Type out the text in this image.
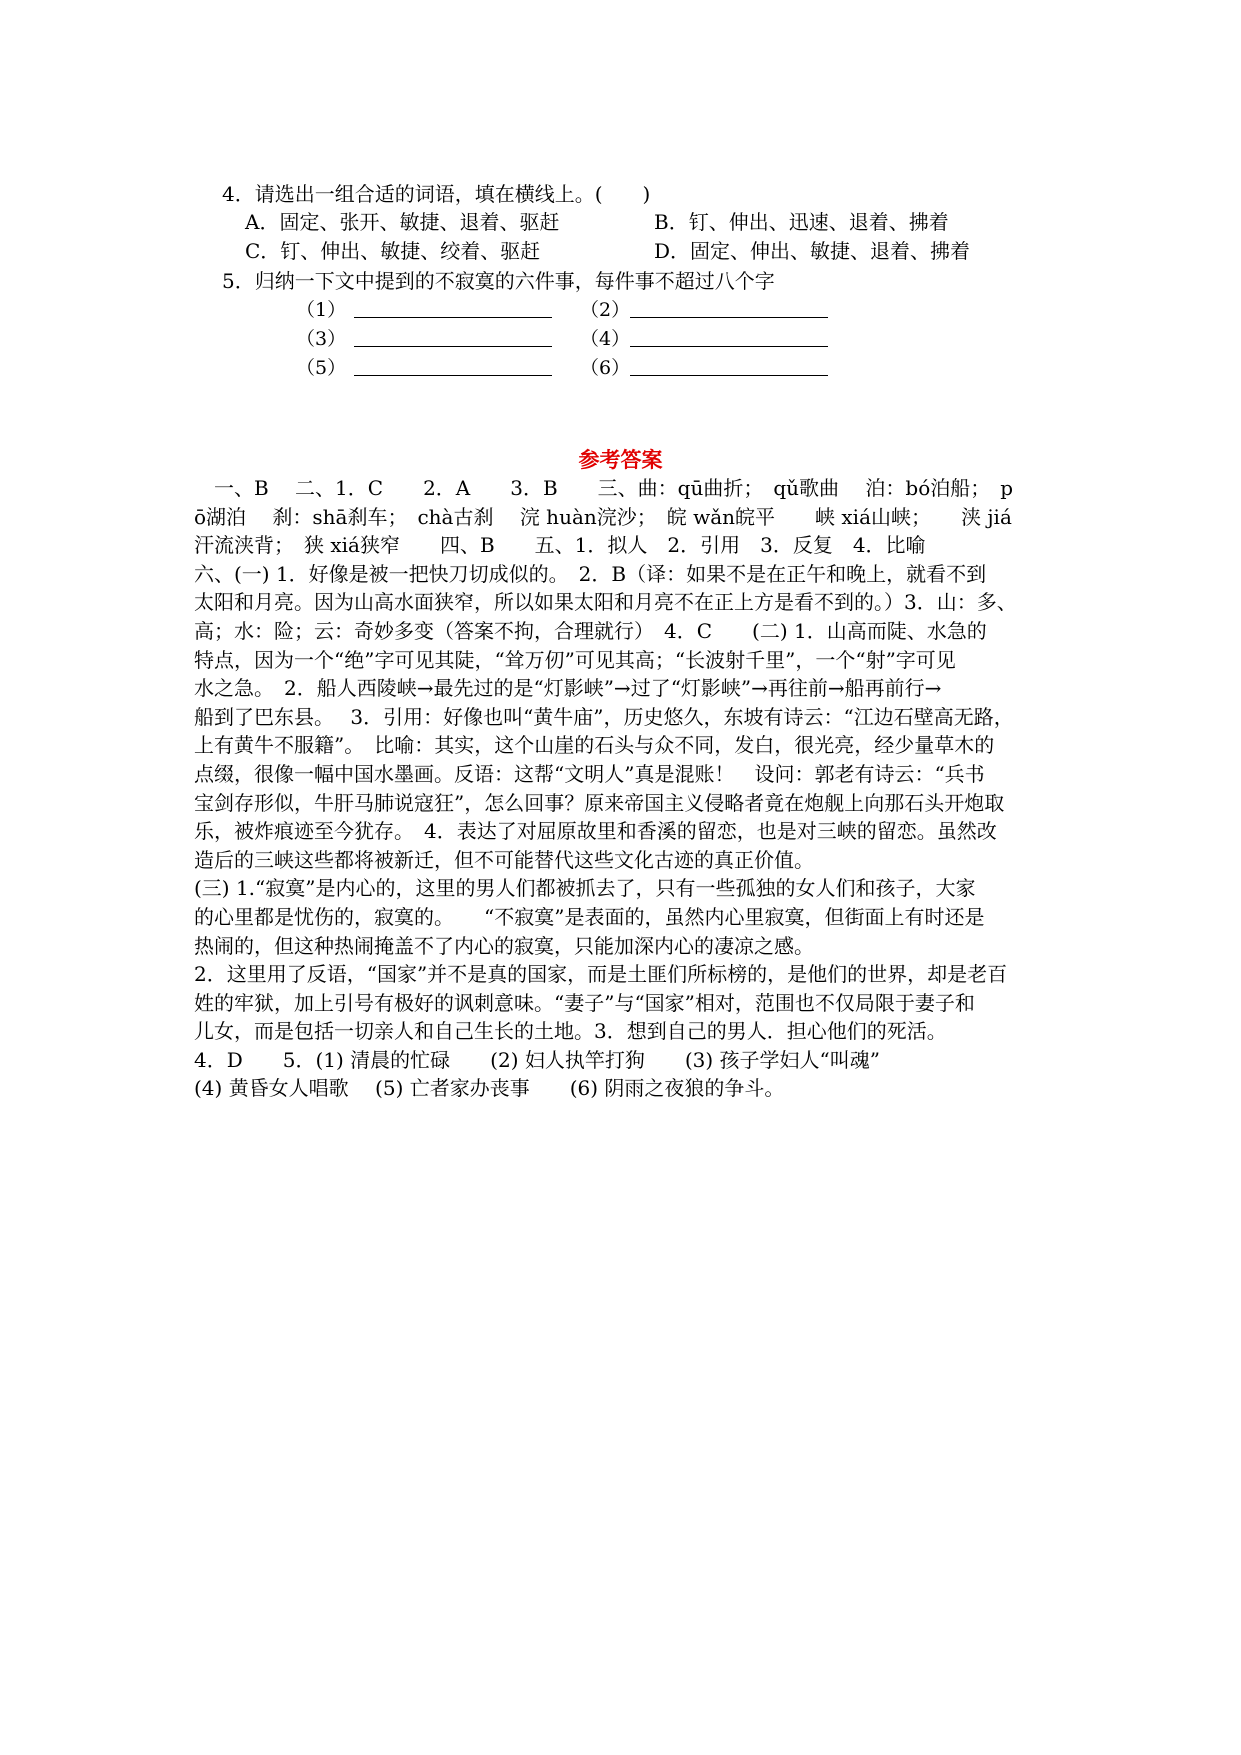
4．请选出一组合适的词语，填在横线上。(　　)
A．固定、张开、敏捷、退着、驱赶	B．钉、伸出、迅速、退着、拂着
C．钉、伸出、敏捷、绞着、驱赶	D．固定、伸出、敏捷、退着、拂着
5．归纳一下文中提到的不寂寞的六件事，每件事不超过八个字
（1）	（2）
（3）	（4）
（5）	（6）
参考答案

　一、B　 二、1．C　　2．A　　3．B　　三、曲：qū曲折；　qǔ歌曲　 泊：bó泊船；　p

ō湖泊　 刹：shā刹车；　chà古刹　 浣 huàn浣沙；　皖 wǎn皖平　　峡 xiá山峡；　　浃 jiá

汗流浃背；　狭 xiá狭窄　　四、B　　五、1．拟人　2．引用　3．反复　4．比喻

六、(一) 1．好像是被一把快刀切成似的。　2．B（译：如果不是在正午和晚上，就看不到

太阳和月亮。因为山高水面狭窄，所以如果太阳和月亮不在正上方是看不到的。）3．山：多、

高；水：险；云：奇妙多变（答案不拘，合理就行）　4．C　　(二) 1．山高而陡、水急的

特点，因为一个“绝”字可见其陡，“耸万仞”可见其高；“长波射千里”，一个“射”字可见

水之急。　2．船人西陵峡→最先过的是“灯影峡”→过了“灯影峡”→再往前→船再前行→

船到了巴东县。　 3．引用：好像也叫“黄牛庙”，历史悠久，东坡有诗云：“江边石壁高无路，

上有黄牛不服籍”。　比喻：其实，这个山崖的石头与众不同，发白，很光亮，经少量草木的

点缀，很像一幅中国水墨画。反语：这帮“文明人”真是混账！　设问：郭老有诗云：“兵书

宝剑存形似，牛肝马肺说寇狂”，怎么回事？原来帝国主义侵略者竟在炮舰上向那石头开炮取

乐，被炸痕迹至今犹存。　4．表达了对屈原故里和香溪的留恋，也是对三峡的留恋。虽然改

造后的三峡这些都将被新迁，但不可能替代这些文化古迹的真正价值。

(三) 1.“寂寞”是内心的，这里的男人们都被抓去了，只有一些孤独的女人们和孩子，大家

的心里都是忧伤的，寂寞的。　　“不寂寞”是表面的，虽然内心里寂寞，但街面上有时还是

热闹的，但这种热闹掩盖不了内心的寂寞，只能加深内心的凄凉之感。

2．这里用了反语，“国家”并不是真的国家，而是土匪们所标榜的，是他们的世界，却是老百

姓的牢狱，加上引号有极好的讽刺意味。“妻子”与“国家”相对，范围也不仅局限于妻子和

儿女，而是包括一切亲人和自己生长的土地。3．想到自己的男人．担心他们的死活。

4．D　　5．(1) 清晨的忙碌　　(2) 妇人执竿打狗　　(3) 孩子学妇人“叫魂”

(4) 黄昏女人唱歌　 (5) 亡者家办丧事　　(6) 阴雨之夜狼的争斗。
